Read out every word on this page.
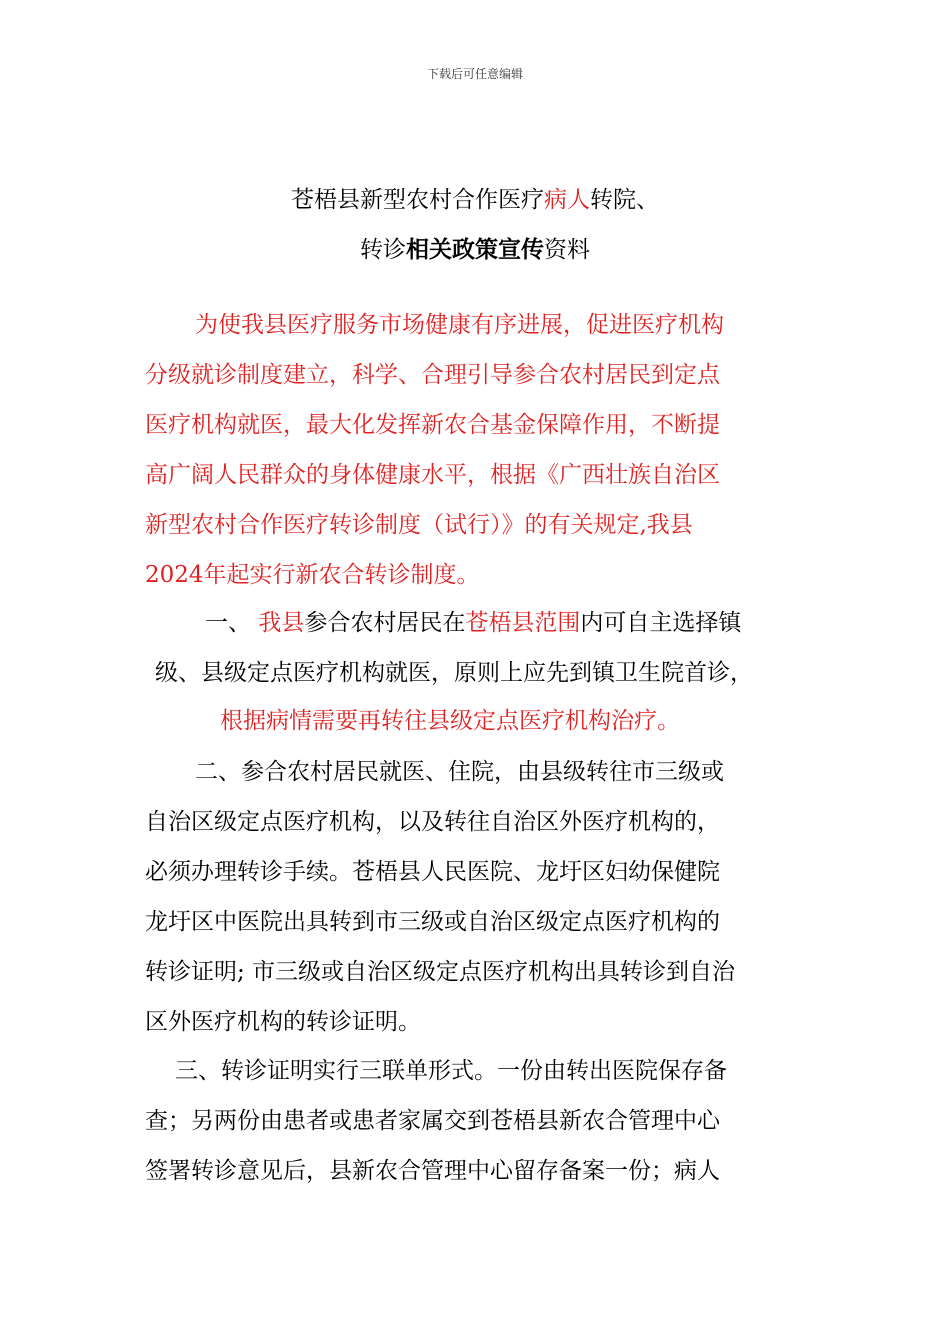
下载后可任意编辑
苍梧县新型农村合作医疗病人转院、
转诊相关政策宣传资料
为使我县医疗服务市场健康有序进展，促进医疗机构
分级就诊制度建立，科学、合理引导参合农村居民到定点
医疗机构就医，最大化发挥新农合基金保障作用，不断提
高广阔人民群众的身体健康水平，根据《广西壮族自治区
新型农村合作医疗转诊制度（试行）》的有关规定,我县
2024年起实行新农合转诊制度。
一、 我县参合农村居民在苍梧县范围内可自主选择镇
级、县级定点医疗机构就医，原则上应先到镇卫生院首诊，
根据病情需要再转往县级定点医疗机构治疗。
二、参合农村居民就医、住院，由县级转往市三级或
自治区级定点医疗机构，以及转往自治区外医疗机构的，
必须办理转诊手续。苍梧县人民医院、龙圩区妇幼保健院
龙圩区中医院出具转到市三级或自治区级定点医疗机构的
转诊证明; 市三级或自治区级定点医疗机构出具转诊到自治
区外医疗机构的转诊证明。
三、转诊证明实行三联单形式。一份由转出医院保存备
查；另两份由患者或患者家属交到苍梧县新农合管理中心
签署转诊意见后，县新农合管理中心留存备案一份；病人
